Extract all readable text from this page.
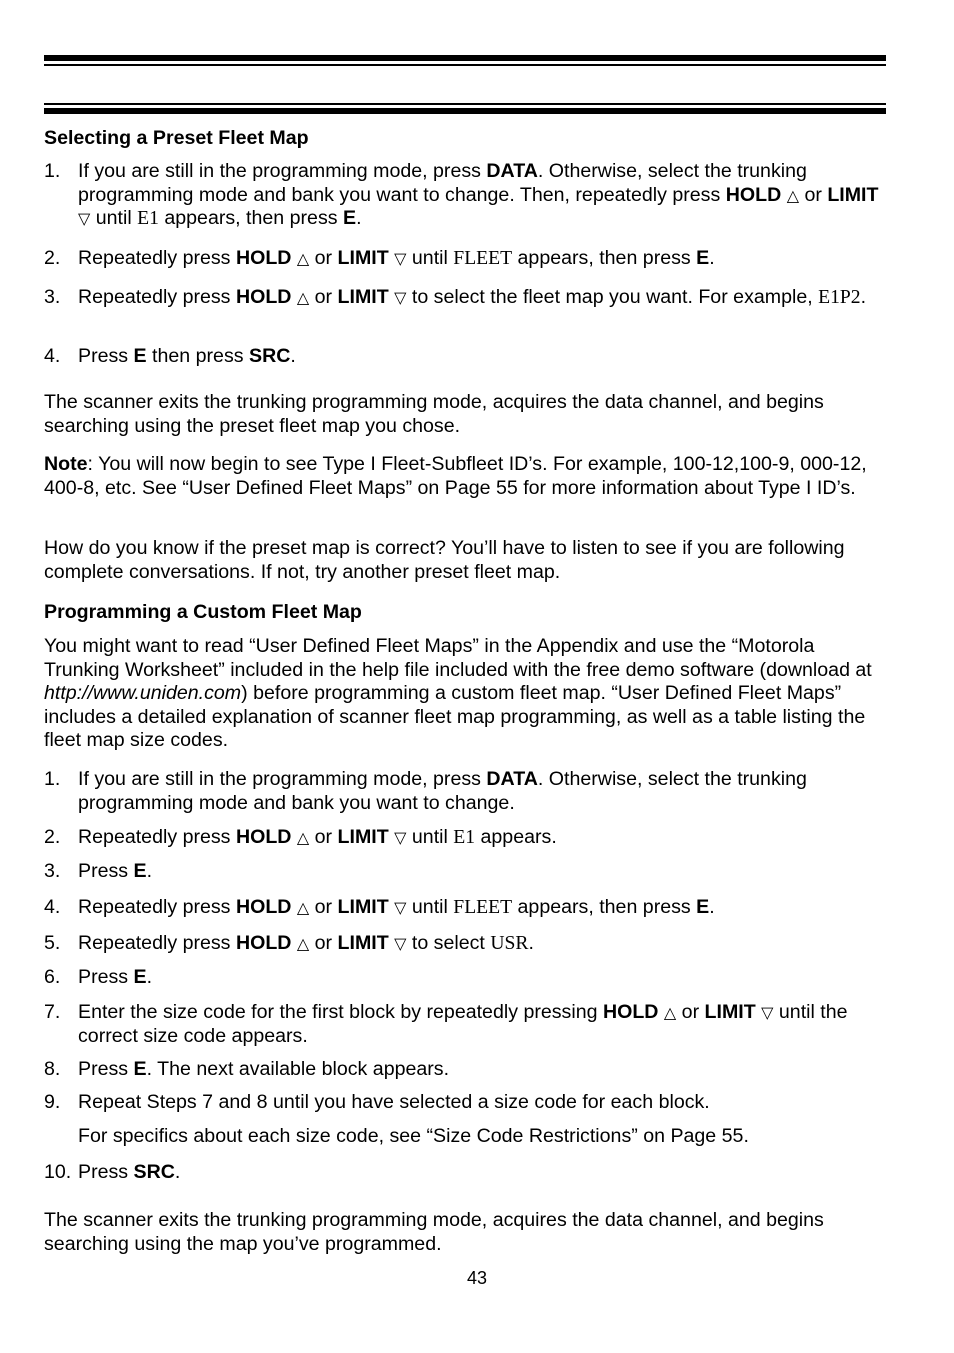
Selecting a Preset Fleet Map
1. If you are still in the programming mode, press DATA. Otherwise, select the trunking programming mode and bank you want to change. Then, repeatedly press HOLD △ or LIMIT ▽ until E1 appears, then press E.
2. Repeatedly press HOLD △ or LIMIT ▽ until FLEET appears, then press E.
3. Repeatedly press HOLD △ or LIMIT ▽ to select the fleet map you want. For example, E1P2.
4. Press E then press SRC.

The scanner exits the trunking programming mode, acquires the data channel, and begins searching using the preset fleet map you chose.

Note: You will now begin to see Type I Fleet-Subfleet ID’s. For example, 100-12,100-9, 000-12, 400-8, etc. See “User Defined Fleet Maps” on Page 55 for more information about Type I ID’s.

How do you know if the preset map is correct? You’ll have to listen to see if you are following complete conversations. If not, try another preset fleet map.

Programming a Custom Fleet Map

You might want to read “User Defined Fleet Maps” in the Appendix and use the “Motorola Trunking Worksheet” included in the help file included with the free demo software (download at http://www.uniden.com) before programming a custom fleet map. “User Defined Fleet Maps” includes a detailed explanation of scanner fleet map programming, as well as a table listing the fleet map size codes.

1. If you are still in the programming mode, press DATA. Otherwise, select the trunking programming mode and bank you want to change.
2. Repeatedly press HOLD △ or LIMIT ▽ until E1 appears.
3. Press E.
4. Repeatedly press HOLD △ or LIMIT ▽ until FLEET appears, then press E.
5. Repeatedly press HOLD △ or LIMIT ▽ to select USR.
6. Press E.
7. Enter the size code for the first block by repeatedly pressing HOLD △ or LIMIT ▽ until the correct size code appears.
8. Press E. The next available block appears.
9. Repeat Steps 7 and 8 until you have selected a size code for each block.
For specifics about each size code, see “Size Code Restrictions” on Page 55.
10. Press SRC.

The scanner exits the trunking programming mode, acquires the data channel, and begins searching using the map you’ve programmed.

43
